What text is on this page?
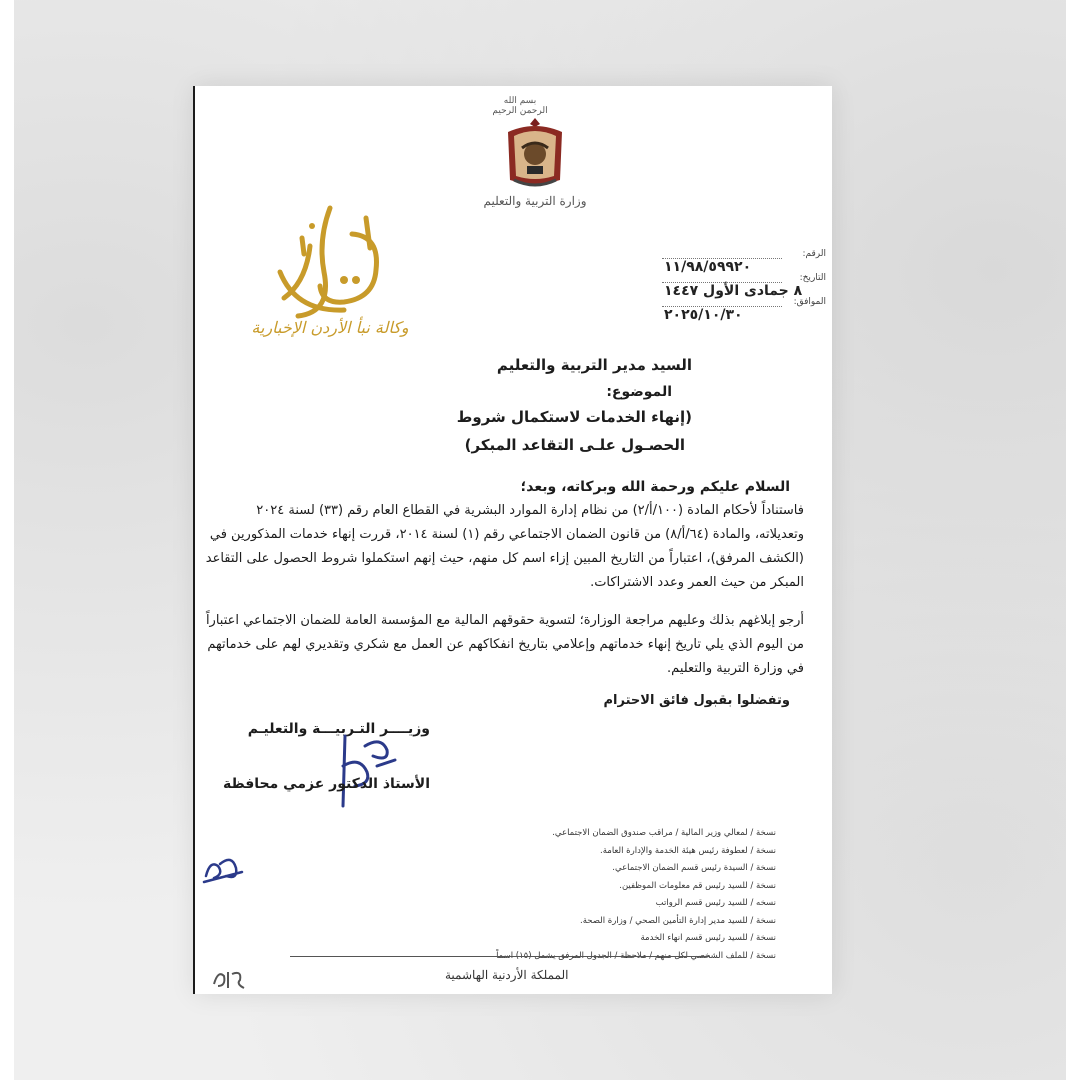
بسم الله الرحمن الرحيم
وزارة التربية والتعليم
وكالة نبأ الأردن الإخبارية
الرقم:
١١/٩٨/٥٩٩٢٠
التاريخ:
٨ جمادى الأول ١٤٤٧
الموافق:
٢٠٢٥/١٠/٣٠
السيد مدير التربية والتعليم
الموضوع:
(إنهاء الخدمات لاستكمال شروط
الحصـول علـى التقاعد المبكر)
السلام عليكم ورحمة الله وبركاته، وبعد؛
فاستناداً لأحكام المادة (١٠٠/أ/٢) من نظام إدارة الموارد البشرية في القطاع العام رقم (٣٣) لسنة ٢٠٢٤ وتعديلاته، والمادة (٦٤/أ/٨) من قانون الضمان الاجتماعي رقم (١) لسنة ٢٠١٤، قررت إنهاء خدمات المذكورين في (الكشف المرفق)، اعتباراً من التاريخ المبين إزاء اسم كل منهم، حيث إنهم استكملوا شروط الحصول على التقاعد المبكر من حيث العمر وعدد الاشتراكات.
أرجو إبلاغهم بذلك وعليهم مراجعة الوزارة؛ لتسوية حقوقهم المالية مع المؤسسة العامة للضمان الاجتماعي اعتباراً من اليوم الذي يلي تاريخ إنهاء خدماتهم وإعلامي بتاريخ انفكاكهم عن العمل مع شكري وتقديري لهم على خدماتهم في وزارة التربية والتعليم.
وتفضلوا بقبول فائق الاحترام
وزيــــر التـربيـــة والتعليـم
الأستاذ الدكتور عزمي محافظة
نسخة / لمعالي وزير المالية / مراقب صندوق الضمان الاجتماعي.
نسخة / لعطوفة رئيس هيئة الخدمة والإدارة العامة.
نسخة / السيدة رئيس قسم الضمان الاجتماعي.
نسخة / للسيد رئيس قم معلومات الموظفين.
نسخه / للسيد رئيس قسم الرواتب
نسخة / للسيد مدير إدارة التأمين الصحي / وزارة الصحة.
نسخة / للسيد رئيس قسم انهاء الخدمة
نسخة / للملف الشخصي لكل منهم / ملاحظة / الجدول المرفق يشمل (١٥) اسماً
المملكة الأردنية الهاشمية
